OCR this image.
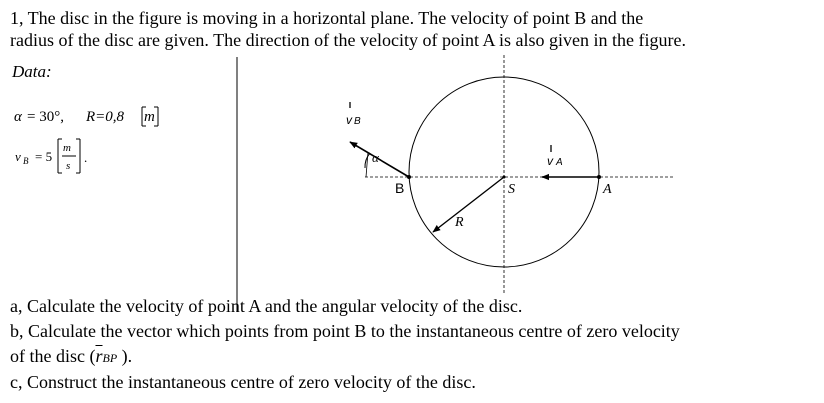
1, The disc in the figure is moving in a horizontal plane. The velocity of point B and the
radius of the disc are given. The direction of the velocity of point A is also given in the figure.
Data:
α = 30°, R=0,8 m
v B = 5
m
s
.
v B
α
B	S	A
R
v A
a, Calculate the velocity of point A and the angular velocity of the disc.
b, Calculate the vector which points from point B to the instantaneous centre of zero velocity
of the disc ($\overline{r}BP$ ).
c, Construct the instantaneous centre of zero velocity of the disc.
